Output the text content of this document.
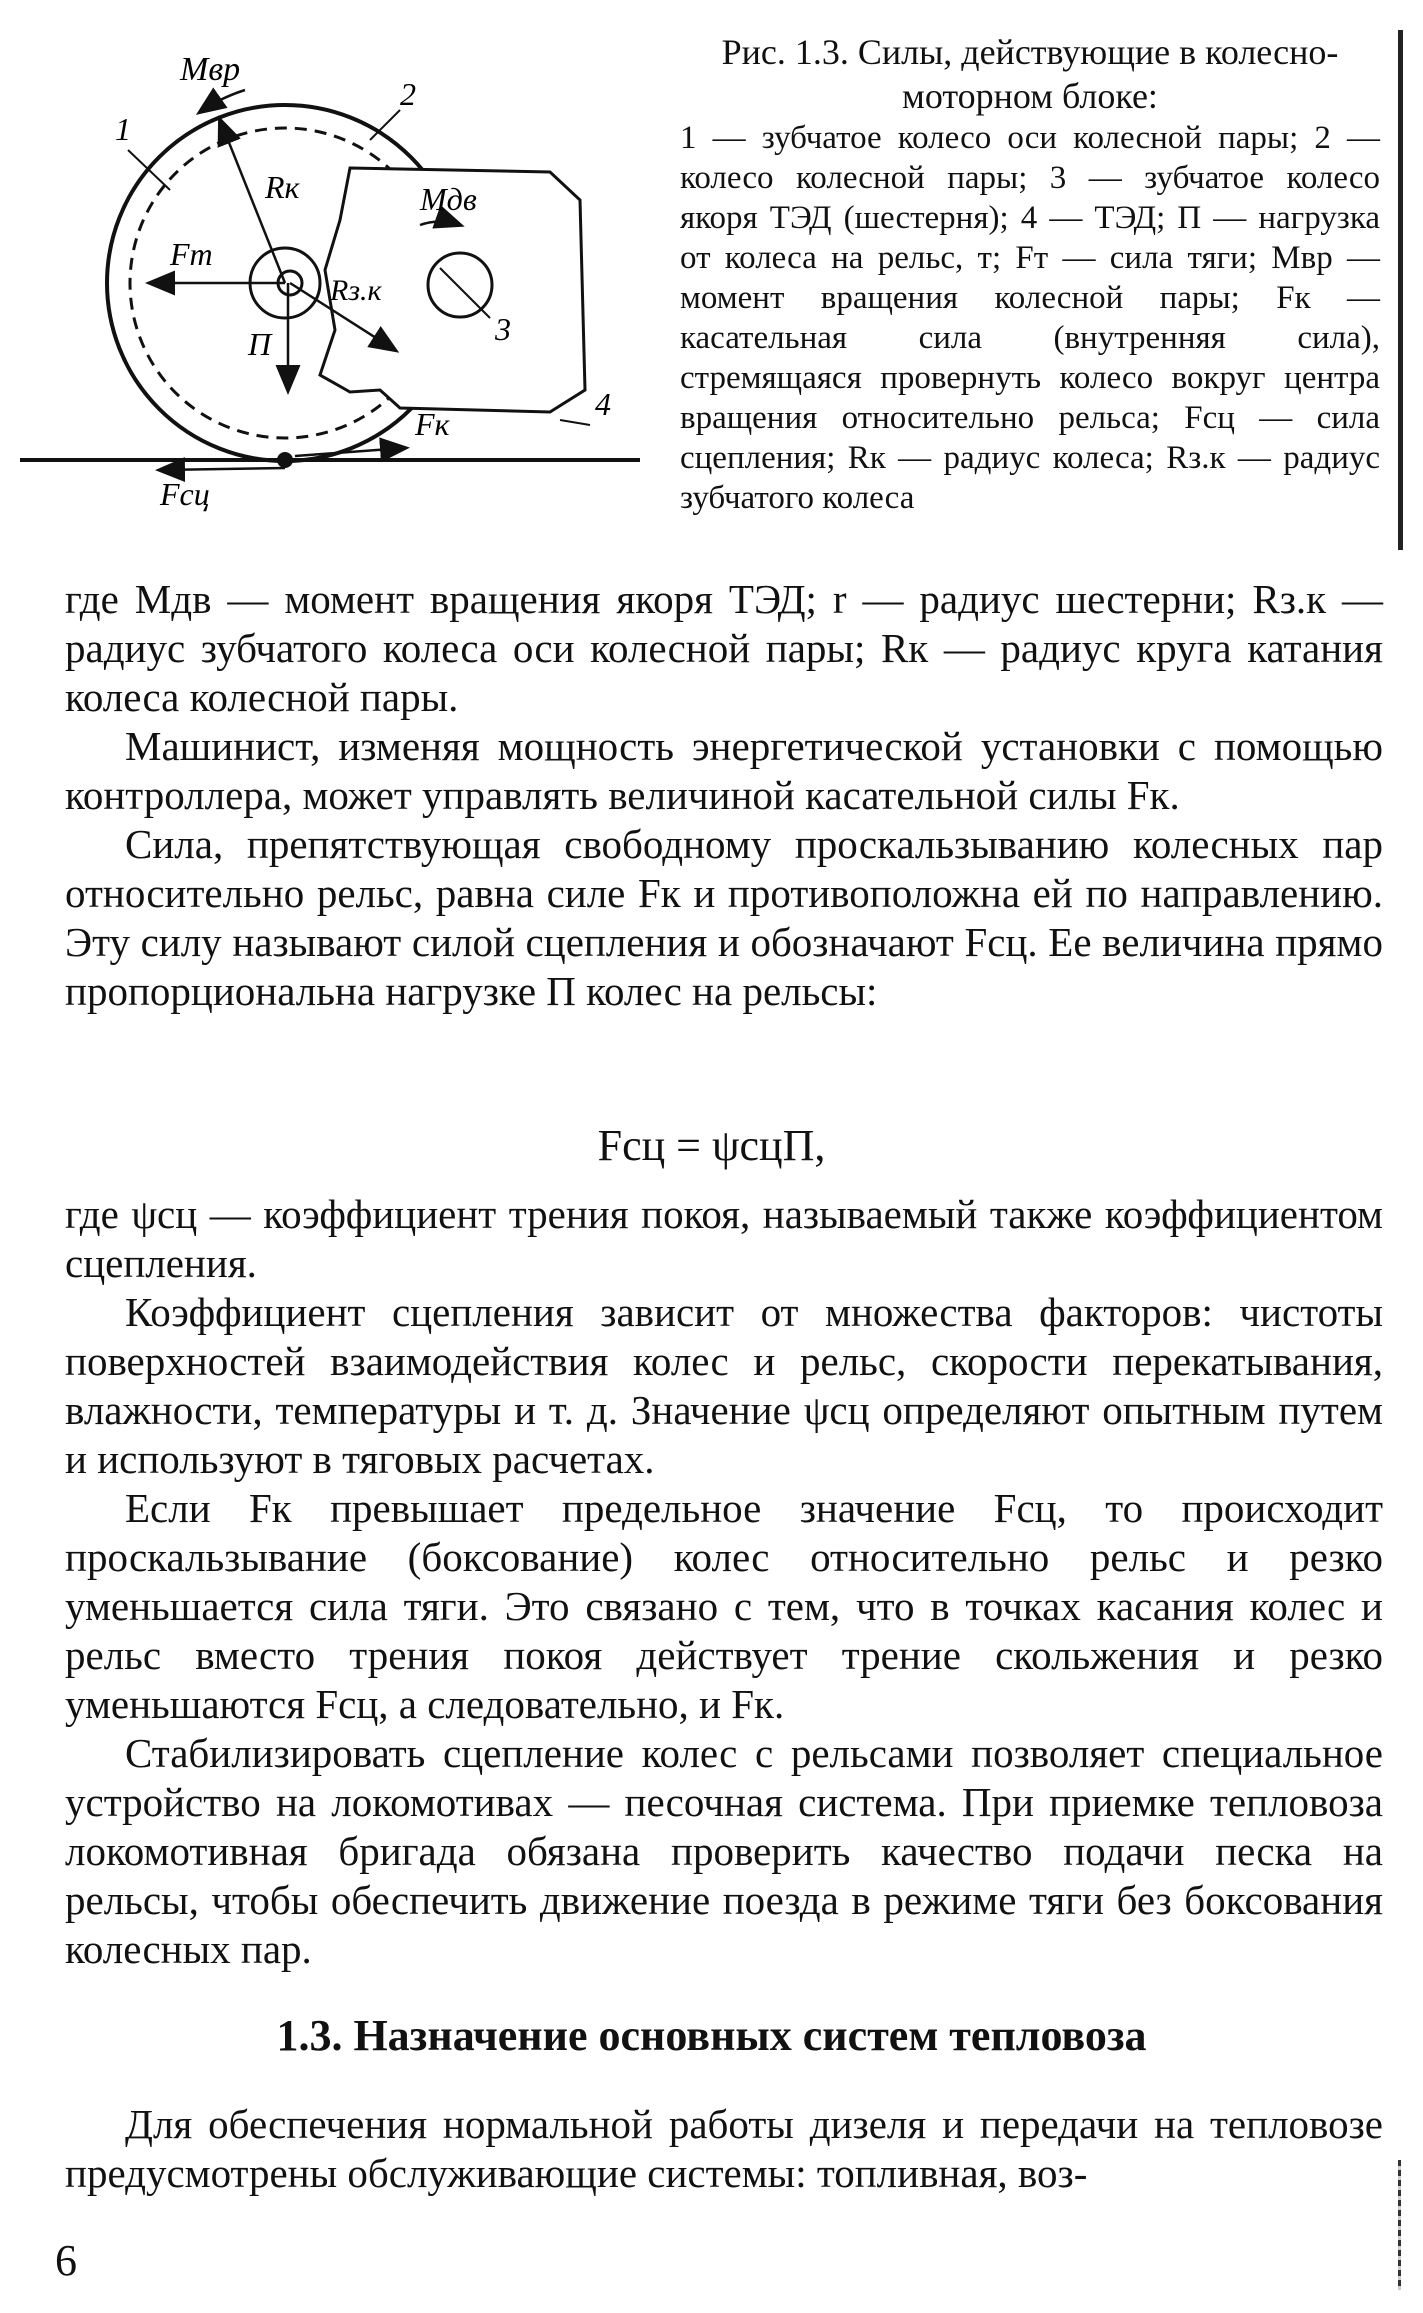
Мвр
Мдв
Rк
Rз.к
Fт
П
Fк
Fсц
1
2
3
4
Рис. 1.3. Силы, действующие в колесно-моторном блоке:
1 — зубчатое колесо оси колесной пары; 2 — колесо колесной пары; 3 — зубчатое колесо якоря ТЭД (шестерня); 4 — ТЭД; П — нагрузка от колеса на рельс, т; Fт — сила тяги; Мвр — момент вращения колесной пары; Fк — касательная сила (внутренняя сила), стремящаяся провернуть колесо вокруг центра вращения относительно рельса; Fсц — сила сцепления; Rк — радиус колеса; Rз.к — радиус зубчатого колеса

где Мдв — момент вращения якоря ТЭД; r — радиус шестерни; Rз.к — радиус зубчатого колеса оси колесной пары; Rк — радиус круга катания колеса колесной пары.

Машинист, изменяя мощность энергетической установки с помощью контроллера, может управлять величиной касательной силы Fк.

Сила, препятствующая свободному проскальзыванию колесных пар относительно рельс, равна силе Fк и противоположна ей по направлению. Эту силу называют силой сцепления и обозначают Fсц. Ее величина прямо пропорциональна нагрузке П колес на рельсы:

Fсц = ψсцП,

где ψсц — коэффициент трения покоя, называемый также коэффициентом сцепления.

Коэффициент сцепления зависит от множества факторов: чистоты поверхностей взаимодействия колес и рельс, скорости перекатывания, влажности, температуры и т. д. Значение ψсц определяют опытным путем и используют в тяговых расчетах.

Если Fк превышает предельное значение Fсц, то происходит проскальзывание (боксование) колес относительно рельс и резко уменьшается сила тяги. Это связано с тем, что в точках касания колес и рельс вместо трения покоя действует трение скольжения и резко уменьшаются Fсц, а следовательно, и Fк.

Стабилизировать сцепление колес с рельсами позволяет специальное устройство на локомотивах — песочная система. При приемке тепловоза локомотивная бригада обязана проверить качество подачи песка на рельсы, чтобы обеспечить движение поезда в режиме тяги без боксования колесных пар.

1.3. Назначение основных систем тепловоза

Для обеспечения нормальной работы дизеля и передачи на тепловозе предусмотрены обслуживающие системы: топливная, воз-

6
